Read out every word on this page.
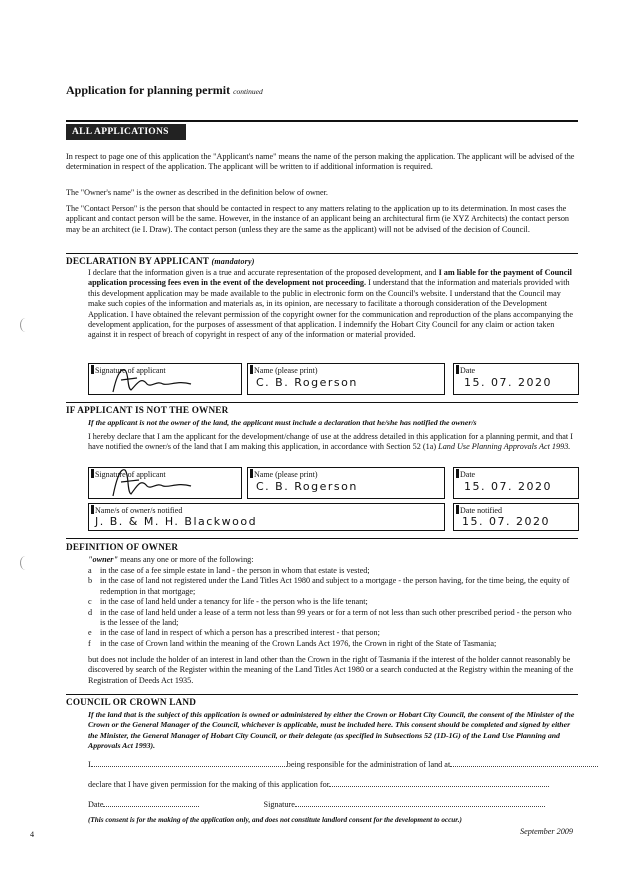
Application for planning permit continued
ALL APPLICATIONS
In respect to page one of this application the "Applicant's name" means the name of the person making the application. The applicant will be advised of the determination in respect of the application. The applicant will be written to if additional information is required.
The "Owner's name" is the owner as described in the definition below of owner.
The "Contact Person" is the person that should be contacted in respect to any matters relating to the application up to its determination. In most cases the applicant and contact person will be the same. However, in the instance of an applicant being an architectural firm (ie XYZ Architects) the contact person may be an architect (ie I. Draw). The contact person (unless they are the same as the applicant) will not be advised of the decision of Council.
DECLARATION BY APPLICANT (mandatory)
I declare that the information given is a true and accurate representation of the proposed development, and I am liable for the payment of Council application processing fees even in the event of the development not proceeding. I understand that the information and materials provided with this development application may be made available to the public in electronic form on the Council's website. I understand that the Council may make such copies of the information and materials as, in its opinion, are necessary to facilitate a thorough consideration of the Development Application. I have obtained the relevant permission of the copyright owner for the communication and reproduction of the plans accompanying the development application, for the purposes of assessment of that application. I indemnify the Hobart City Council for any claim or action taken against it in respect of breach of copyright in respect of any of the information or material provided.
Signature of applicant	Name (please print)
C. B. Rogerson
Date
15. 07. 2020
IF APPLICANT IS NOT THE OWNER
If the applicant is not the owner of the land, the applicant must include a declaration that he/she has notified the owner/s
I hereby declare that I am the applicant for the development/change of use at the address detailed in this application for a planning permit, and that I have notified the owner/s of the land that I am making this application, in accordance with Section 52 (1a) Land Use Planning Approvals Act 1993.
Signature of applicant	Name (please print)
C. B. Rogerson
Date
15. 07. 2020
Name/s of owner/s notified
J. B. & M. H. Blackwood
Date notified
15. 07. 2020
DEFINITION OF OWNER
"owner" means any one or more of the following:
a in the case of a fee simple estate in land - the person in whom that estate is vested;
b in the case of land not registered under the Land Titles Act 1980 and subject to a mortgage - the person having, for the time being, the equity of redemption in that mortgage;
c in the case of land held under a tenancy for life - the person who is the life tenant;
d in the case of land held under a lease of a term not less than 99 years or for a term of not less than such other prescribed period - the person who is the lessee of the land;
e in the case of land in respect of which a person has a prescribed interest - that person;
f in the case of Crown land within the meaning of the Crown Lands Act 1976, the Crown in right of the State of Tasmania;
but does not include the holder of an interest in land other than the Crown in the right of Tasmania if the interest of the holder cannot reasonably be discovered by search of the Register within the meaning of the Land Titles Act 1980 or a search conducted at the Registry within the meaning of the Registration of Deeds Act 1935.
COUNCIL OR CROWN LAND
If the land that is the subject of this application is owned or administered by either the Crown or Hobart City Council, the consent of the Minister of the Crown or the General Manager of the Council, whichever is applicable, must be included here. This consent should be completed and signed by either the Minister, the General Manager of Hobart City Council, or their delegate (as specified in Subsections 52 (1D-1G) of the Land Use Planning and Approvals Act 1993).
I	being responsible for the administration of land at
declare that I have given permission for the making of this application for
Date	Signature
(This consent is for the making of the application only, and does not constitute landlord consent for the development to occur.)
4	September 2009
